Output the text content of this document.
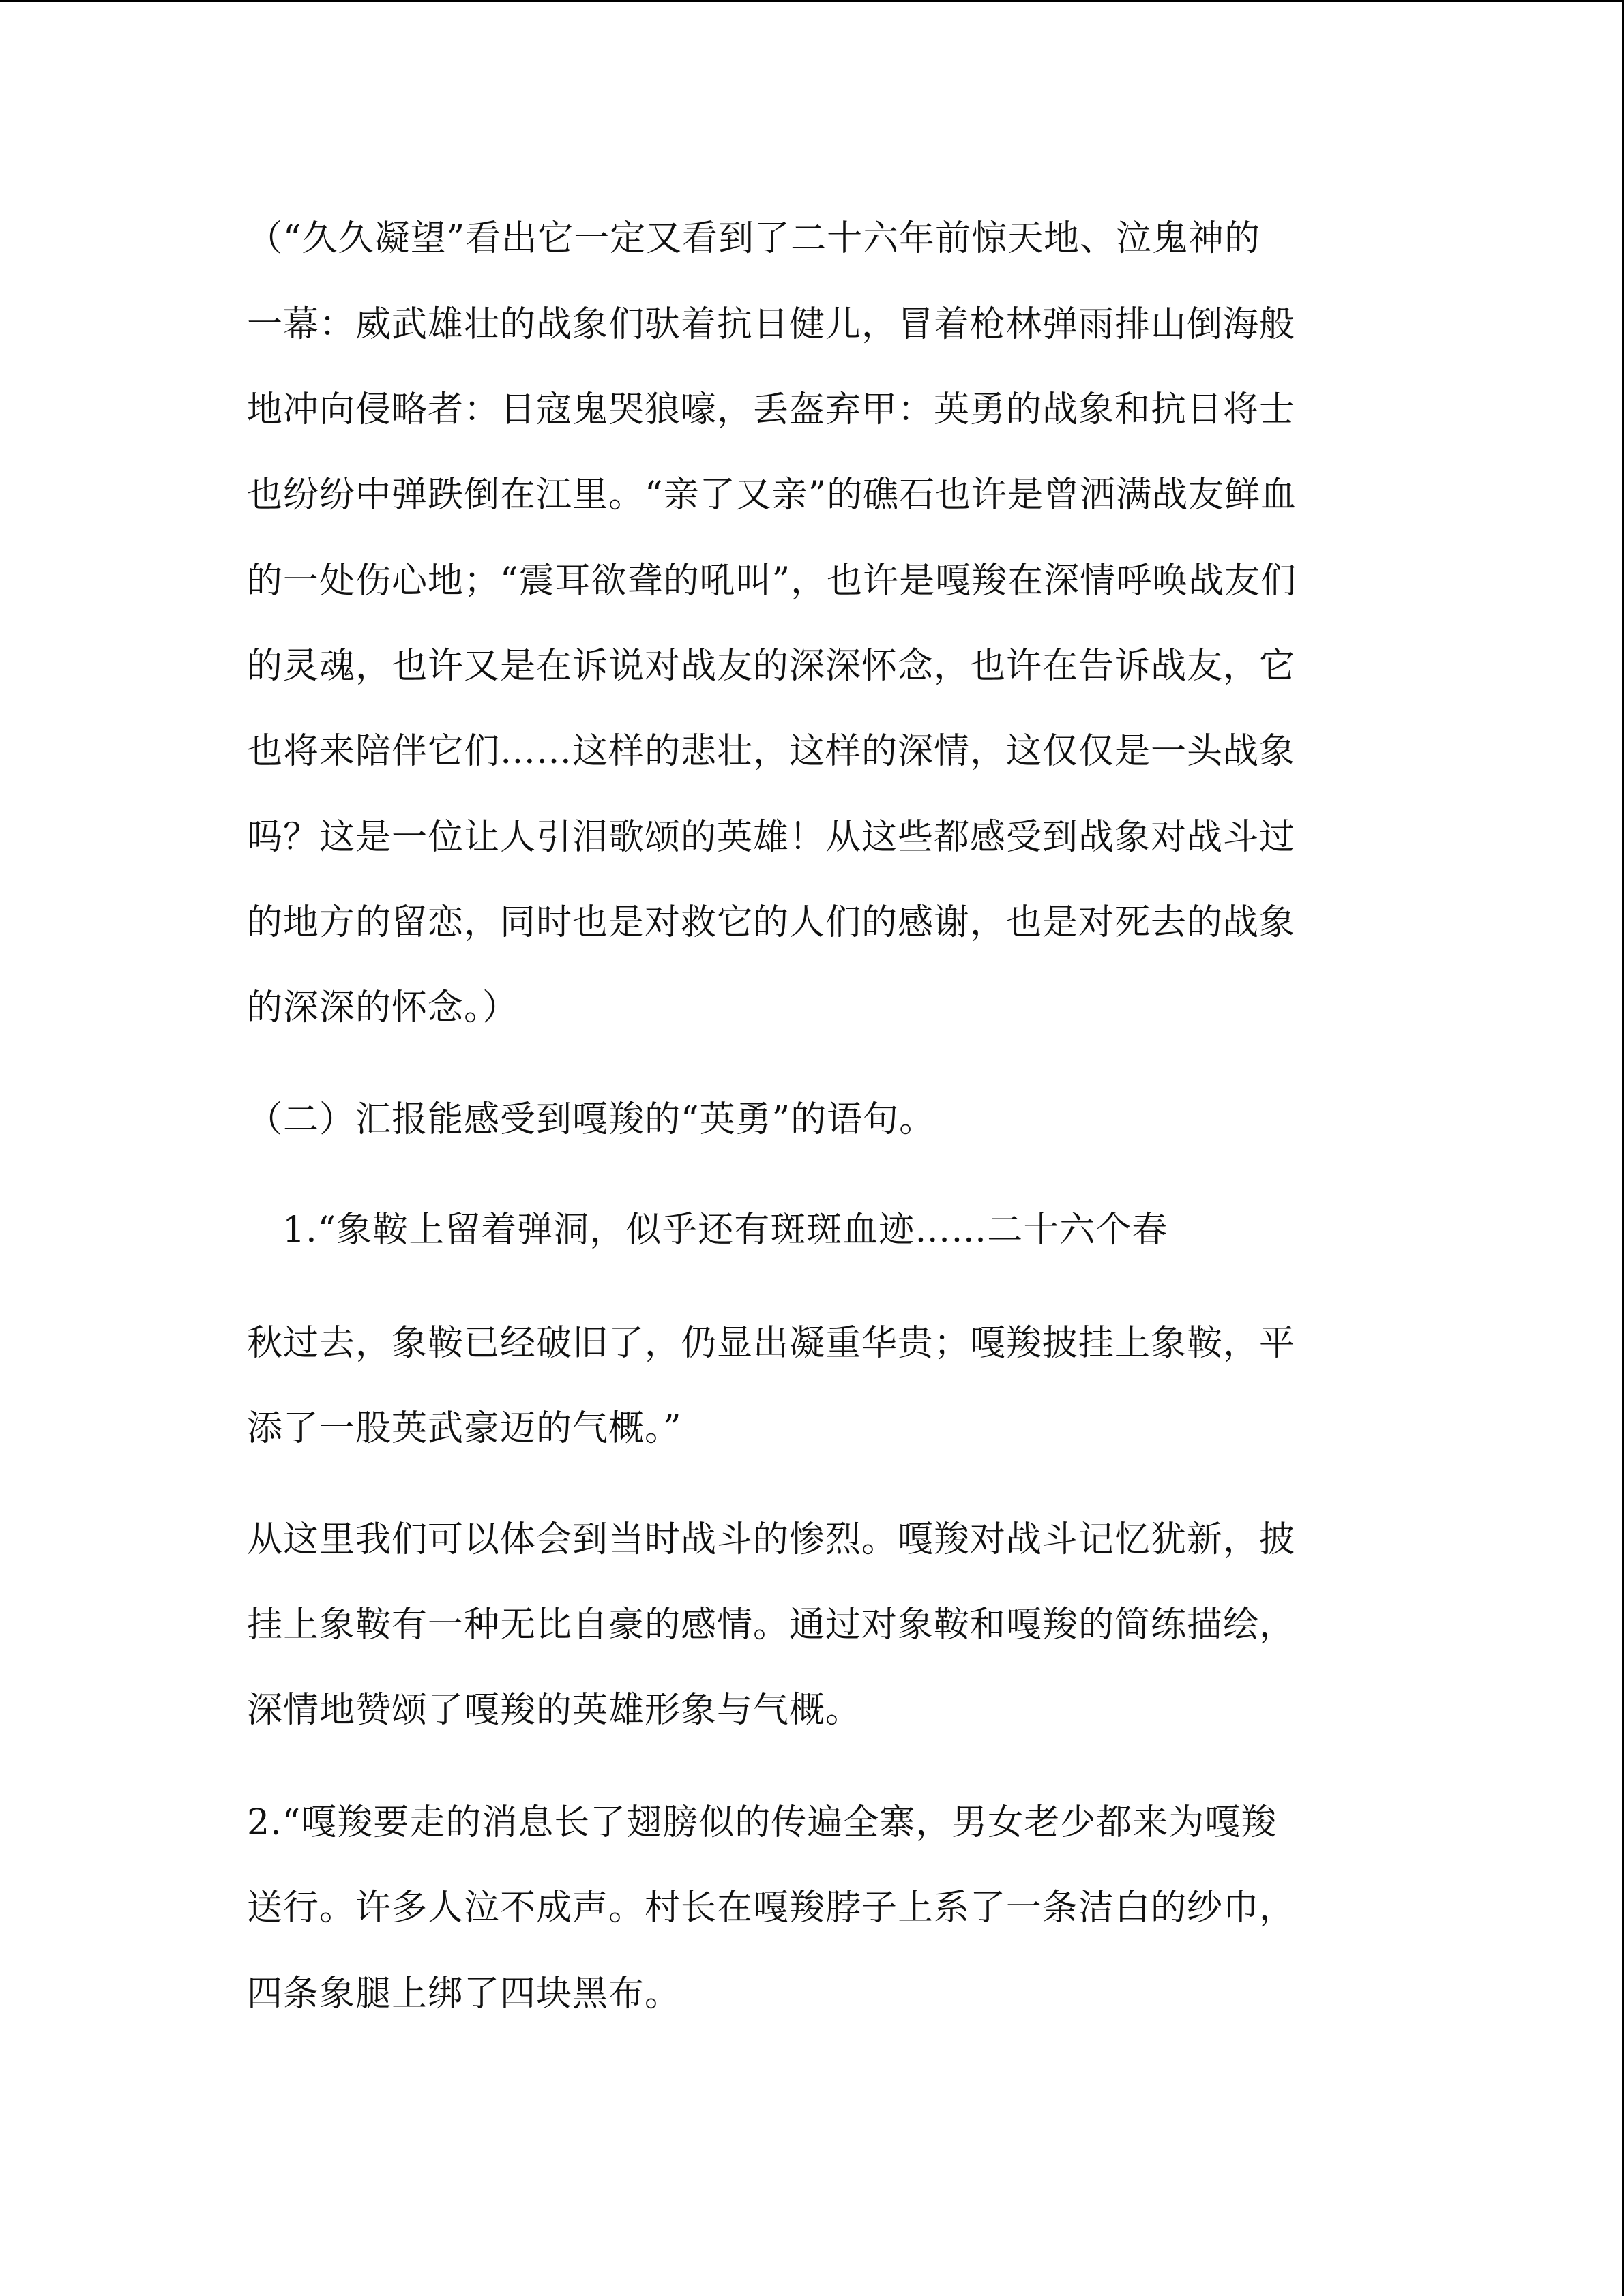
（“久久凝望”看出它一定又看到了二十六年前惊天地、泣鬼神的
一幕：威武雄壮的战象们驮着抗日健儿，冒着枪林弹雨排山倒海般
地冲向侵略者：日寇鬼哭狼嚎，丢盔弃甲：英勇的战象和抗日将士
也纷纷中弹跌倒在江里。“亲了又亲”的礁石也许是曾洒满战友鲜血
的一处伤心地；“震耳欲聋的吼叫”，也许是嘎羧在深情呼唤战友们
的灵魂，也许又是在诉说对战友的深深怀念，也许在告诉战友，它
也将来陪伴它们……这样的悲壮，这样的深情，这仅仅是一头战象
吗？这是一位让人引泪歌颂的英雄！从这些都感受到战象对战斗过
的地方的留恋，同时也是对救它的人们的感谢，也是对死去的战象
的深深的怀念。）
（二）汇报能感受到嘎羧的“英勇”的语句。
1.“象鞍上留着弹洞，似乎还有斑斑血迹……二十六个春
秋过去，象鞍已经破旧了，仍显出凝重华贵；嘎羧披挂上象鞍，平
添了一股英武豪迈的气概。”
从这里我们可以体会到当时战斗的惨烈。嘎羧对战斗记忆犹新，披
挂上象鞍有一种无比自豪的感情。通过对象鞍和嘎羧的简练描绘，
深情地赞颂了嘎羧的英雄形象与气概。
2.“嘎羧要走的消息长了翅膀似的传遍全寨，男女老少都来为嘎羧
送行。许多人泣不成声。村长在嘎羧脖子上系了一条洁白的纱巾，
四条象腿上绑了四块黑布。
